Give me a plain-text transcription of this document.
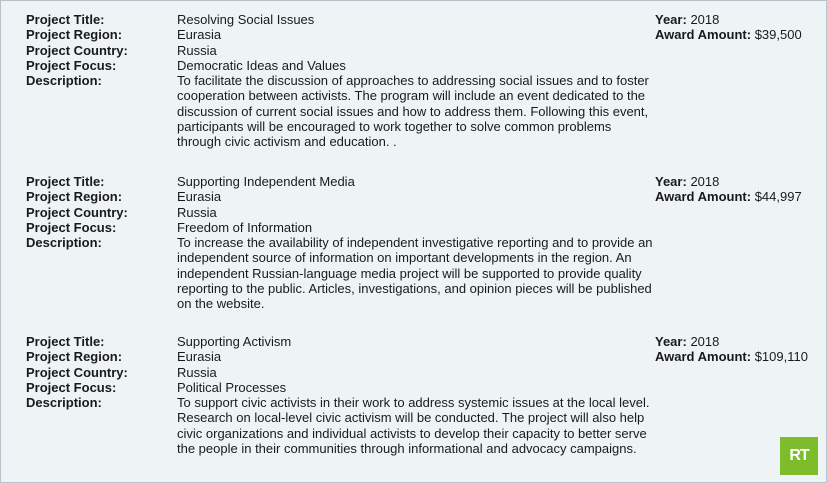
Project Title:
Project Region:
Project Country:
Project Focus:
Description:
Resolving Social Issues
Eurasia
Russia
Democratic Ideas and Values
To facilitate the discussion of approaches to addressing social issues and to foster cooperation between activists. The program will include an event dedicated to the discussion of current social issues and how to address them. Following this event, participants will be encouraged to work together to solve common problems through civic activism and education. .
Year: 2018
Award Amount: $39,500
Project Title:
Project Region:
Project Country:
Project Focus:
Description:
Supporting Independent Media
Eurasia
Russia
Freedom of Information
To increase the availability of independent investigative reporting and to provide an independent source of information on important developments in the region. An independent Russian-language media project will be supported to provide quality reporting to the public. Articles, investigations, and opinion pieces will be published on the website.
Year: 2018
Award Amount: $44,997
Project Title:
Project Region:
Project Country:
Project Focus:
Description:
Supporting Activism
Eurasia
Russia
Political Processes
To support civic activists in their work to address systemic issues at the local level. Research on local-level civic activism will be conducted. The project will also help civic organizations and individual activists to develop their capacity to better serve the people in their communities through informational and advocacy campaigns.
Year: 2018
Award Amount: $109,110
RT
